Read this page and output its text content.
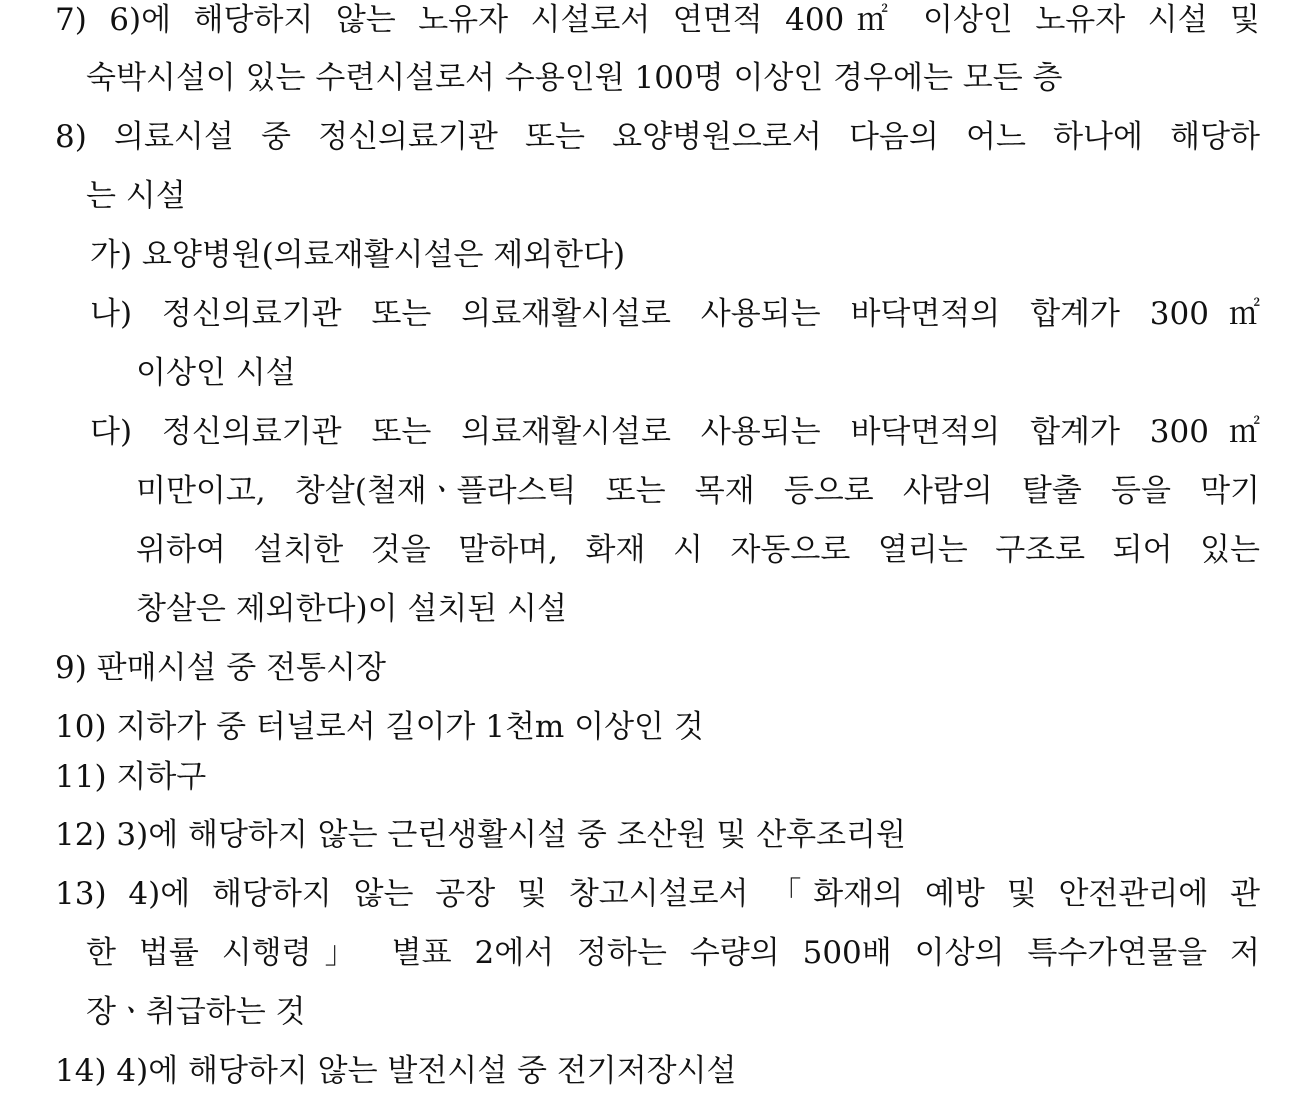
7) 6)에 해당하지 않는 노유자 시설로서 연면적 400㎡ 이상인 노유자 시설 및
숙박시설이 있는 수련시설로서 수용인원 100명 이상인 경우에는 모든 층
8) 의료시설 중 정신의료기관 또는 요양병원으로서 다음의 어느 하나에 해당하
는 시설
가) 요양병원(의료재활시설은 제외한다)
나) 정신의료기관 또는 의료재활시설로 사용되는 바닥면적의 합계가 300㎡
이상인 시설
다) 정신의료기관 또는 의료재활시설로 사용되는 바닥면적의 합계가 300㎡
미만이고, 창살(철재ㆍ플라스틱 또는 목재 등으로 사람의 탈출 등을 막기
위하여 설치한 것을 말하며, 화재 시 자동으로 열리는 구조로 되어 있는
창살은 제외한다)이 설치된 시설
9) 판매시설 중 전통시장
10) 지하가 중 터널로서 길이가 1천m 이상인 것
11) 지하구
12) 3)에 해당하지 않는 근린생활시설 중 조산원 및 산후조리원
13) 4)에 해당하지 않는 공장 및 창고시설로서 「화재의 예방 및 안전관리에 관
한 법률 시행령」 별표 2에서 정하는 수량의 500배 이상의 특수가연물을 저
장ㆍ취급하는 것
14) 4)에 해당하지 않는 발전시설 중 전기저장시설
